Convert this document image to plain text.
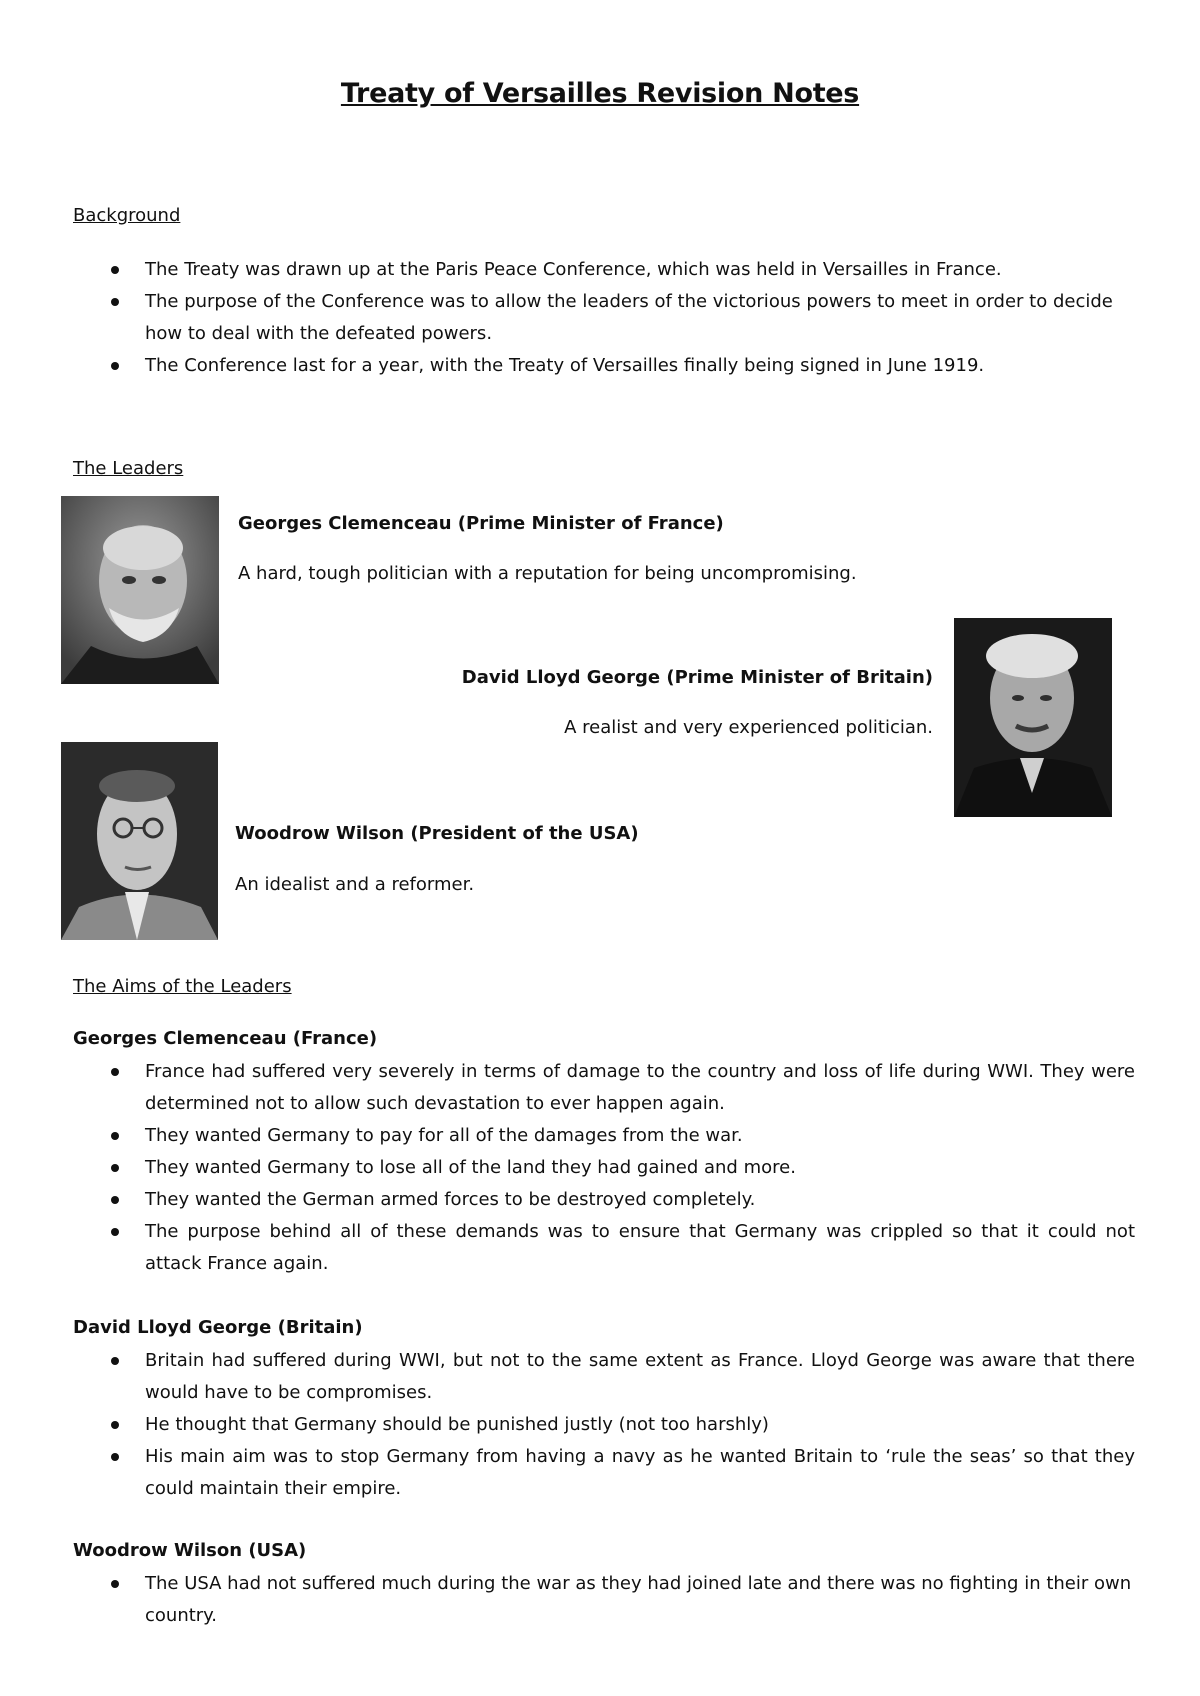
Treaty of Versailles Revision Notes
Background
The Treaty was drawn up at the Paris Peace Conference, which was held in Versailles in France.
The purpose of the Conference was to allow the leaders of the victorious powers to meet in order to decide how to deal with the defeated powers.
The Conference last for a year, with the Treaty of Versailles finally being signed in June 1919.
The Leaders
Georges Clemenceau (Prime Minister of France)
A hard, tough politician with a reputation for being uncompromising.
David Lloyd George (Prime Minister of Britain)
A realist and very experienced politician.
Woodrow Wilson (President of the USA)
An idealist and a reformer.
The Aims of the Leaders
Georges Clemenceau (France)
France had suffered very severely in terms of damage to the country and loss of life during WWI. They were determined not to allow such devastation to ever happen again.
They wanted Germany to pay for all of the damages from the war.
They wanted Germany to lose all of the land they had gained and more.
They wanted the German armed forces to be destroyed completely.
The purpose behind all of these demands was to ensure that Germany was crippled so that it could not attack France again.
David Lloyd George (Britain)
Britain had suffered during WWI, but not to the same extent as France. Lloyd George was aware that there would have to be compromises.
He thought that Germany should be punished justly (not too harshly)
His main aim was to stop Germany from having a navy as he wanted Britain to ‘rule the seas’ so that they could maintain their empire.
Woodrow Wilson (USA)
The USA had not suffered much during the war as they had joined late and there was no fighting in their own country.
